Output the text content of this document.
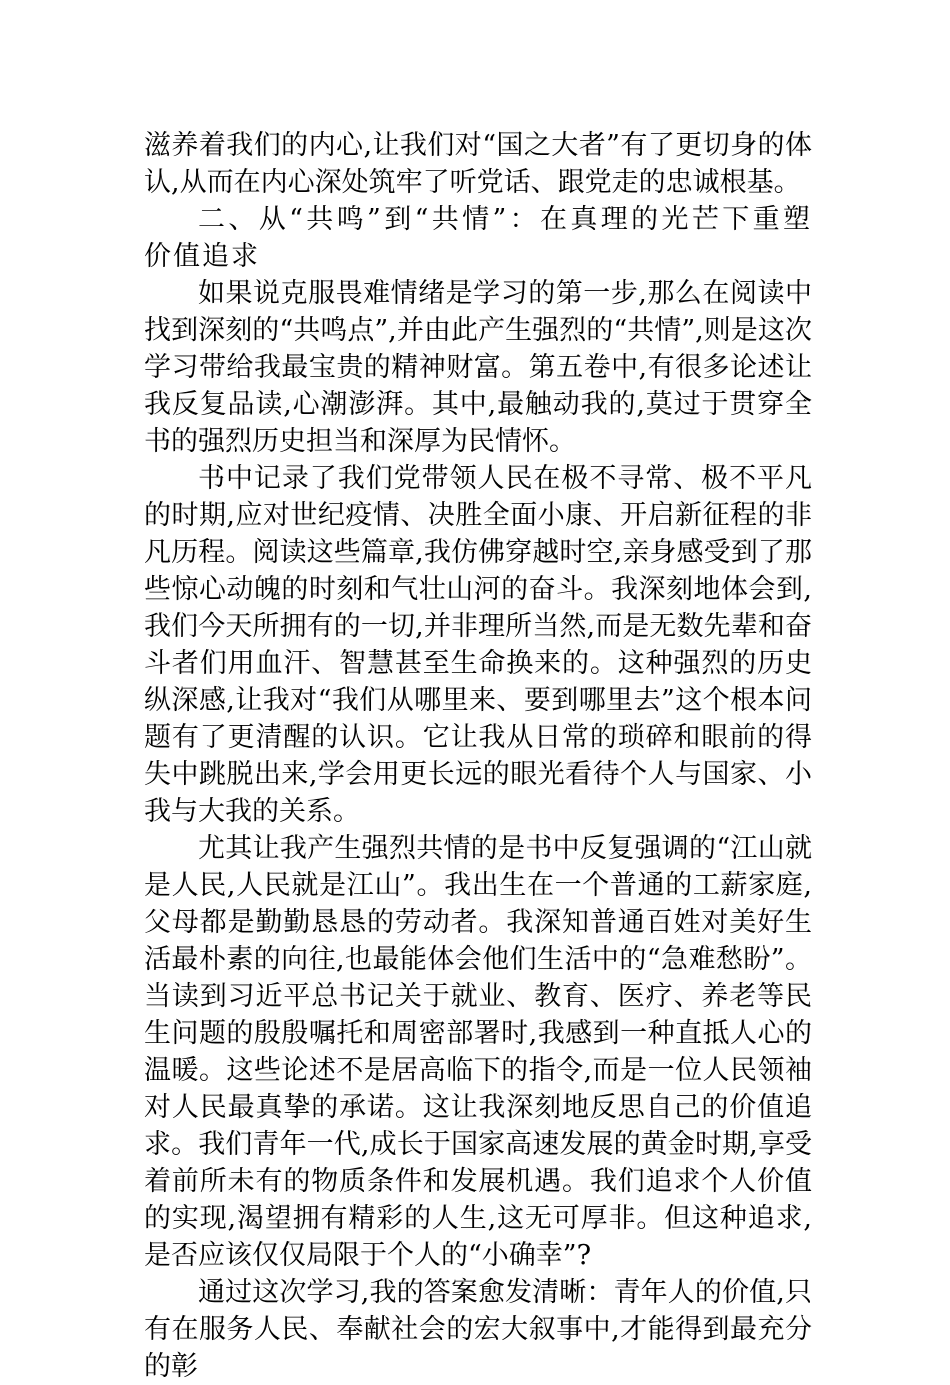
滋养着我们的内心,让我们对“国之大者”有了更切身的体认,从而在内心深处筑牢了听党话、跟党走的忠诚根基。

二、从“共鸣”到“共情”：在真理的光芒下重塑价值追求

如果说克服畏难情绪是学习的第一步,那么在阅读中找到深刻的“共鸣点”,并由此产生强烈的“共情”,则是这次学习带给我最宝贵的精神财富。第五卷中,有很多论述让我反复品读,心潮澎湃。其中,最触动我的,莫过于贯穿全书的强烈历史担当和深厚为民情怀。

书中记录了我们党带领人民在极不寻常、极不平凡的时期,应对世纪疫情、决胜全面小康、开启新征程的非凡历程。阅读这些篇章,我仿佛穿越时空,亲身感受到了那些惊心动魄的时刻和气壮山河的奋斗。我深刻地体会到,我们今天所拥有的一切,并非理所当然,而是无数先辈和奋斗者们用血汗、智慧甚至生命换来的。这种强烈的历史纵深感,让我对“我们从哪里来、要到哪里去”这个根本问题有了更清醒的认识。它让我从日常的琐碎和眼前的得失中跳脱出来,学会用更长远的眼光看待个人与国家、小我与大我的关系。

尤其让我产生强烈共情的是书中反复强调的“江山就是人民,人民就是江山”。我出生在一个普通的工薪家庭,父母都是勤勤恳恳的劳动者。我深知普通百姓对美好生活最朴素的向往,也最能体会他们生活中的“急难愁盼”。当读到习近平总书记关于就业、教育、医疗、养老等民生问题的殷殷嘱托和周密部署时,我感到一种直抵人心的温暖。这些论述不是居高临下的指令,而是一位人民领袖对人民最真挚的承诺。这让我深刻地反思自己的价值追求。我们青年一代,成长于国家高速发展的黄金时期,享受着前所未有的物质条件和发展机遇。我们追求个人价值的实现,渴望拥有精彩的人生,这无可厚非。但这种追求,是否应该仅仅局限于个人的“小确幸”?

通过这次学习,我的答案愈发清晰：青年人的价值,只有在服务人民、奉献社会的宏大叙事中,才能得到最充分的彰
